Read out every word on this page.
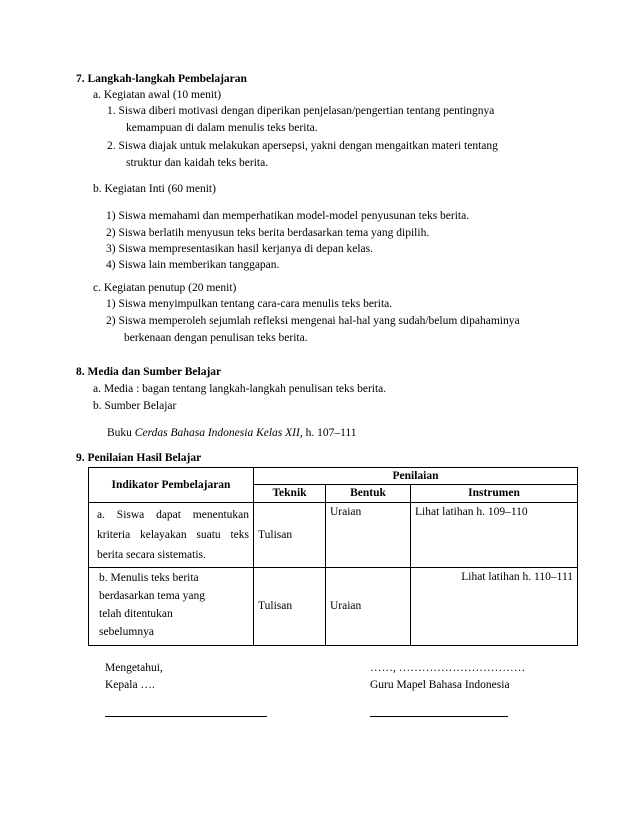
7. Langkah-langkah Pembelajaran
a. Kegiatan awal (10 menit)
1. Siswa diberi motivasi dengan diperikan penjelasan/pengertian tentang pentingnya
kemampuan di dalam menulis teks berita.
2. Siswa diajak untuk melakukan apersepsi, yakni dengan mengaitkan materi tentang
struktur dan kaidah teks berita.
b. Kegiatan Inti (60 menit)
1) Siswa memahami dan memperhatikan model-model penyusunan teks berita.
2) Siswa berlatih menyusun teks berita berdasarkan tema yang dipilih.
3) Siswa mempresentasikan hasil kerjanya di depan kelas.
4) Siswa lain memberikan tanggapan.
c. Kegiatan penutup (20 menit)
1) Siswa menyimpulkan tentang cara-cara menulis teks berita.
2) Siswa memperoleh sejumlah refleksi mengenai hal-hal yang sudah/belum dipahaminya
berkenaan dengan penulisan teks berita.
8. Media dan Sumber Belajar
a. Media : bagan tentang langkah-langkah penulisan teks berita.
b. Sumber Belajar
Buku Cerdas Bahasa Indonesia Kelas XII, h. 107–111
9. Penilaian Hasil Belajar
Indikator Pembelajaran	Penilaian		
	Teknik	Bentuk	Instrumen

a. Siswa dapat menentukan kriteria kelayakan suatu teks berita secara sistematis.	Tulisan	Uraian	Lihat latihan h. 109–110

b. Menulis teks berita berdasarkan tema yang telah ditentukan sebelumnya	Tulisan	Uraian	Lihat latihan h. 110–111
Mengetahui,
Kepala ….
……, ……………………………
Guru Mapel Bahasa Indonesia
